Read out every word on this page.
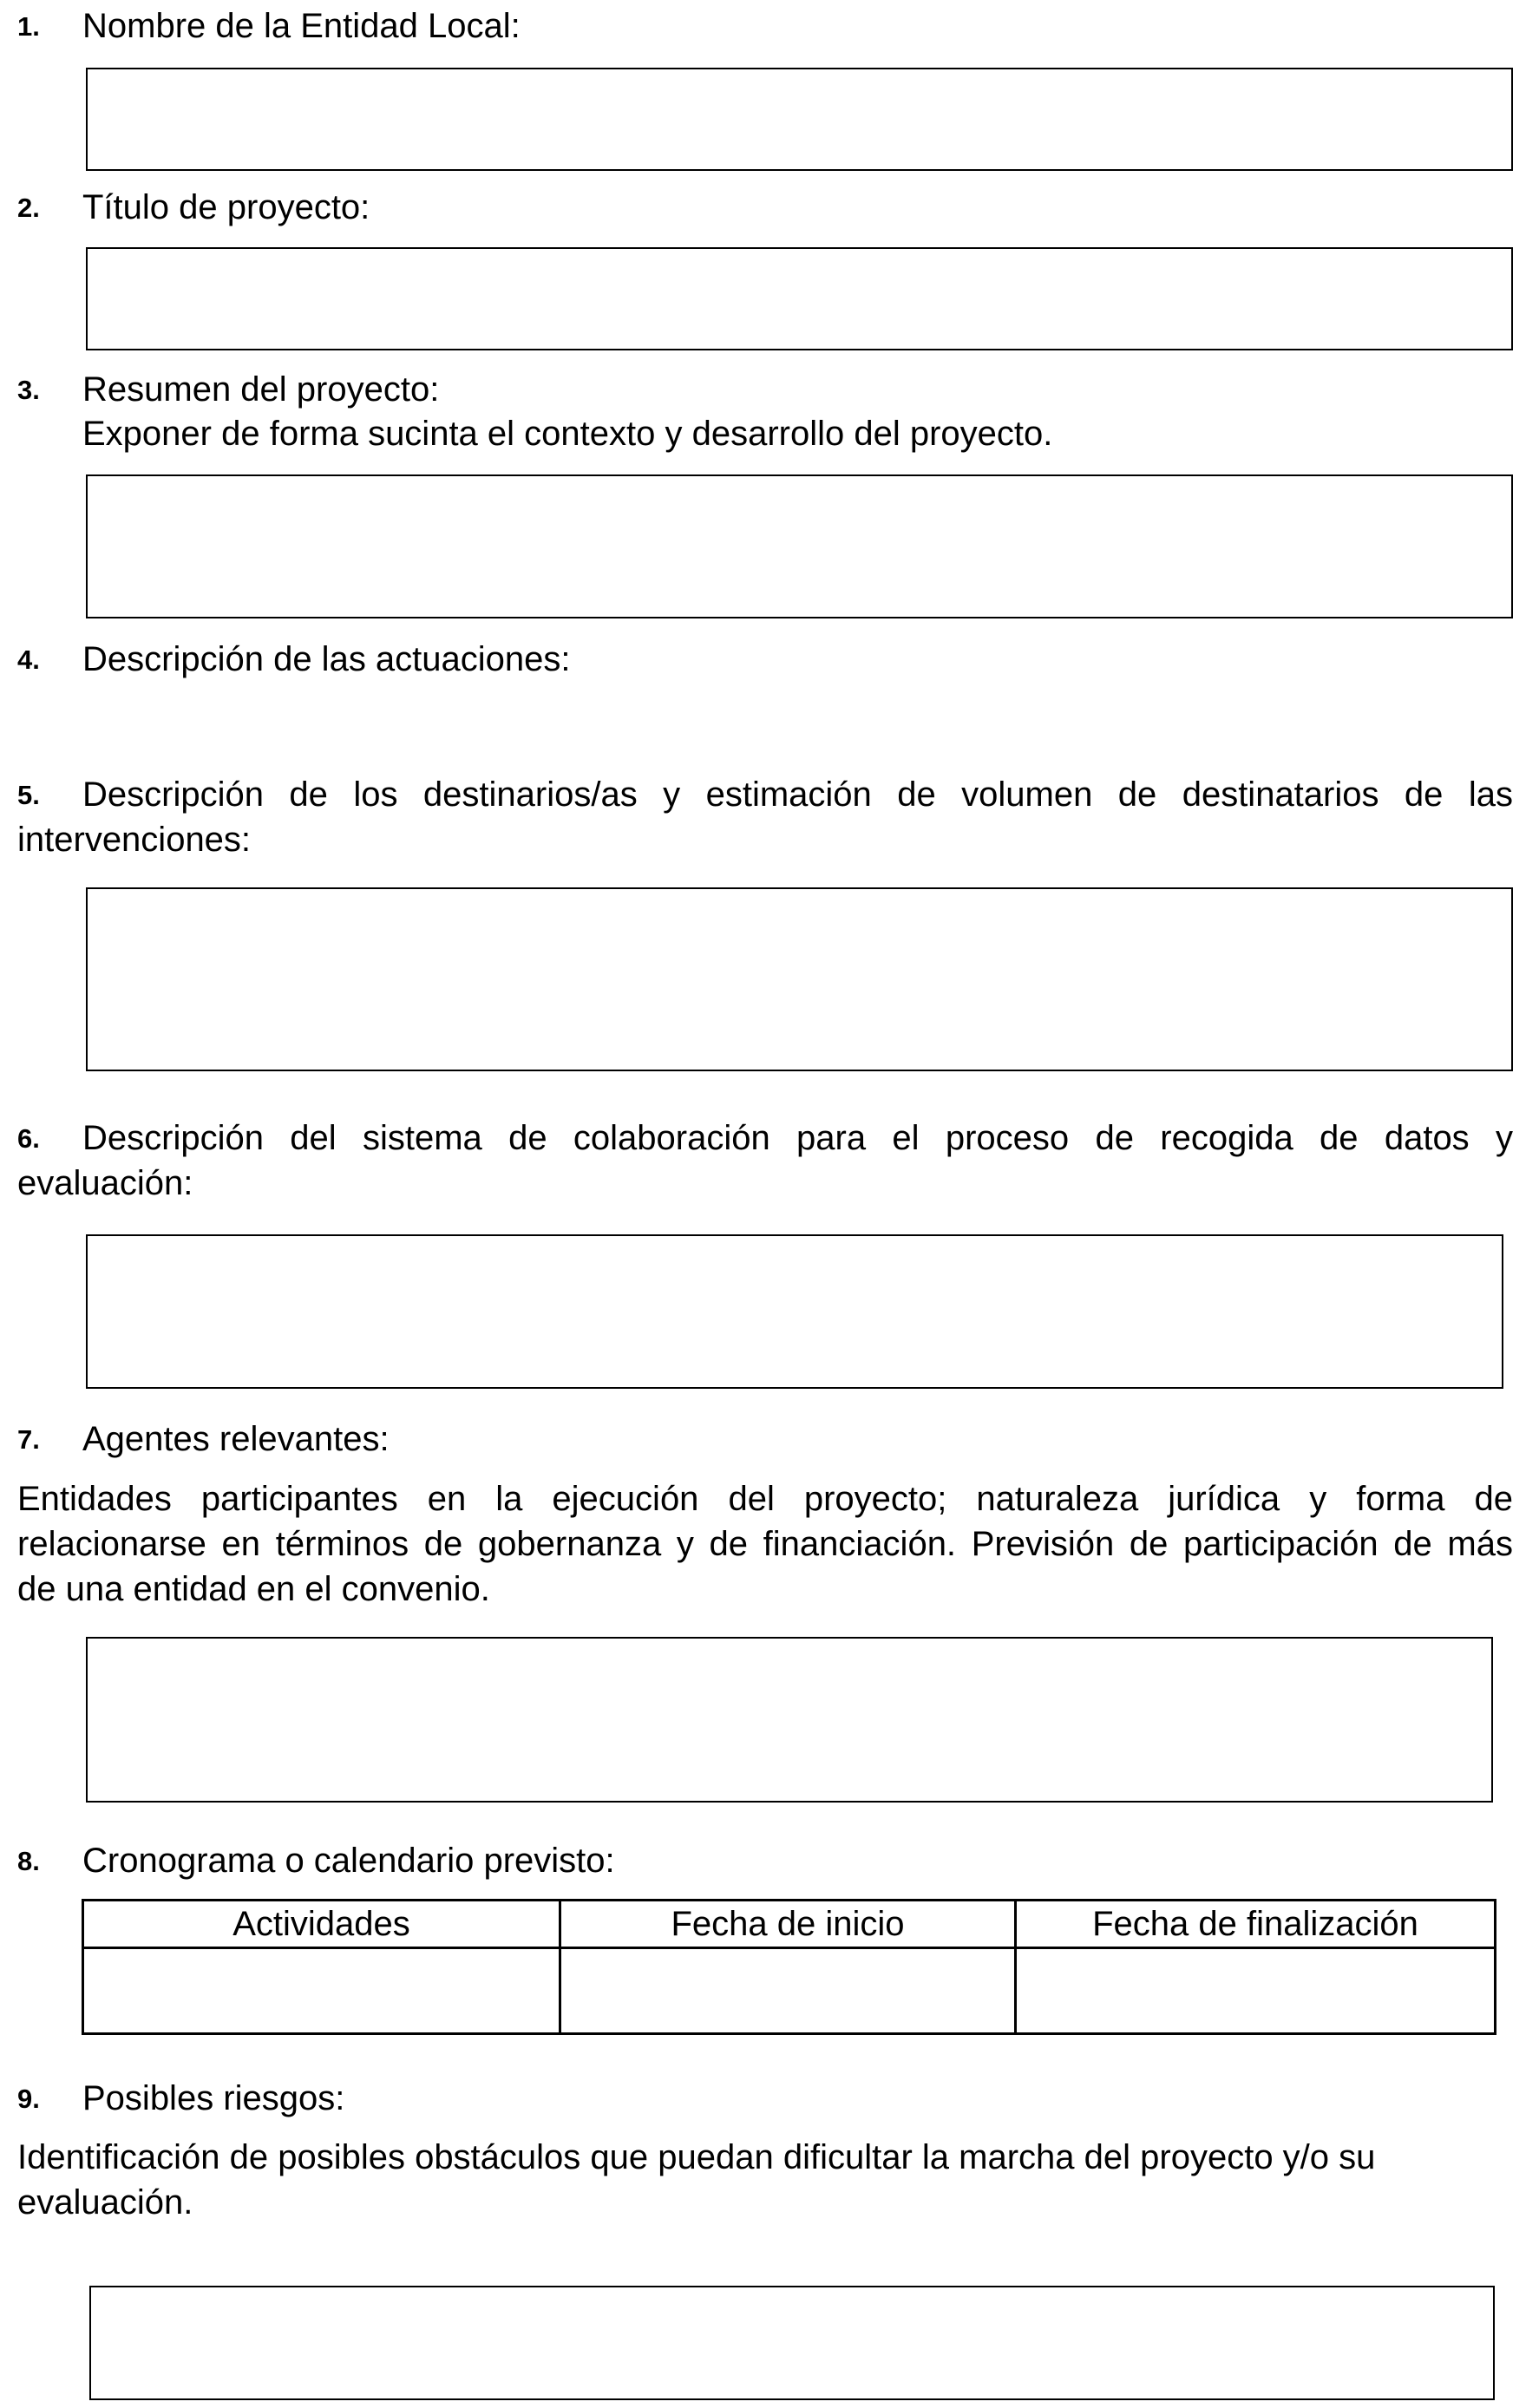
1. Nombre de la Entidad Local:
2. Título de proyecto:
3. Resumen del proyecto:
Exponer de forma sucinta el contexto y desarrollo del proyecto.
4. Descripción de las actuaciones:
5. Descripción de los destinarios/as y estimación de volumen de destinatarios de las
intervenciones:
6. Descripción del sistema de colaboración para el proceso de recogida de datos y
evaluación:
7. Agentes relevantes:
Entidades participantes en la ejecución del proyecto; naturaleza jurídica y forma de
relacionarse en términos de gobernanza y de financiación. Previsión de participación de más
de una entidad en el convenio.
8. Cronograma o calendario previsto:
Actividades	Fecha de inicio	Fecha de finalización

9. Posibles riesgos:
Identificación de posibles obstáculos que puedan dificultar la marcha del proyecto y/o su
evaluación.
